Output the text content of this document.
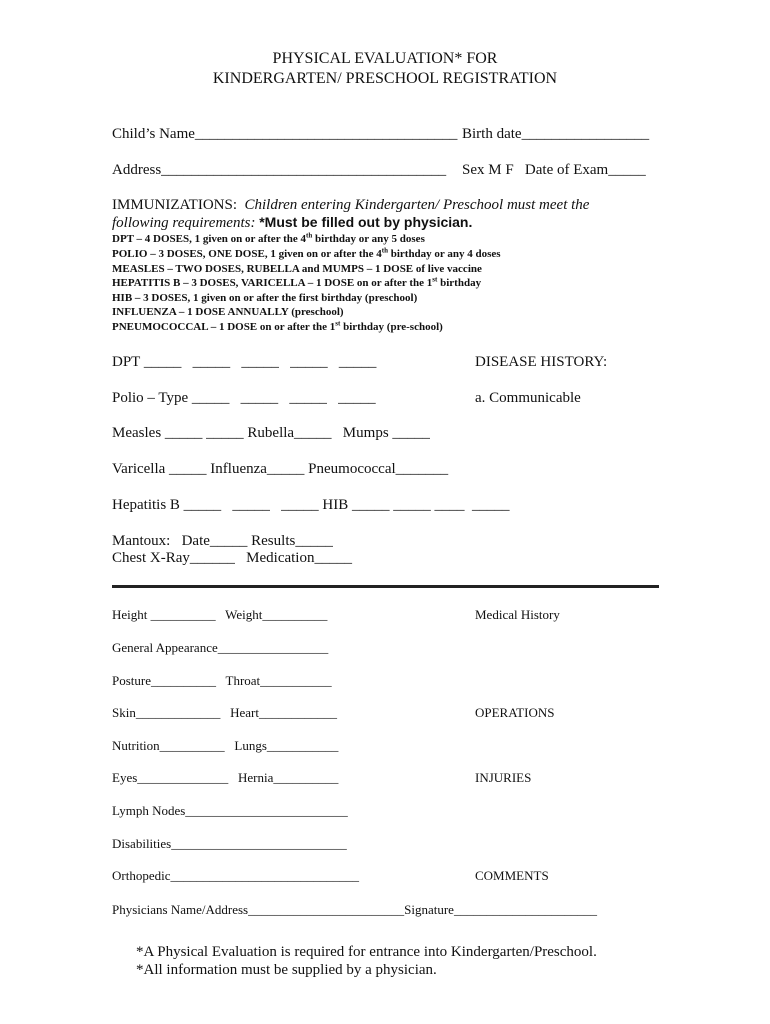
PHYSICAL EVALUATION* FOR
KINDERGARTEN/ PRESCHOOL REGISTRATION
Child’s Name___________________________________ Birth date_________________
Address______________________________________ Sex M F   Date of Exam_____
IMMUNIZATIONS: Children entering Kindergarten/ Preschool must meet the
following requirements: *Must be filled out by physician.
DPT – 4 DOSES, 1 given on or after the 4th birthday or any 5 doses
POLIO – 3 DOSES, ONE DOSE, 1 given on or after the 4th birthday or any 4 doses
MEASLES – TWO DOSES, RUBELLA and MUMPS – 1 DOSE of live vaccine
HEPATITIS B – 3 DOSES, VARICELLA – 1 DOSE on or after the 1st birthday
HIB – 3 DOSES, 1 given on or after the first birthday (preschool)
INFLUENZA – 1 DOSE ANNUALLY (preschool)
PNEUMOCOCCAL – 1 DOSE on or after the 1st birthday (pre-school)
DPT _____   _____   _____   _____   _____	DISEASE HISTORY:
Polio – Type _____   _____   _____   _____	a. Communicable
Measles _____ _____ Rubella_____   Mumps _____
Varicella _____ Influenza_____ Pneumococcal_______
Hepatitis B _____   _____   _____ HIB _____ _____ ____  _____
Mantoux:   Date_____ Results_____
Chest X-Ray______   Medication_____
Height __________   Weight__________	Medical History
General Appearance_________________
Posture__________   Throat___________
Skin_____________   Heart____________	OPERATIONS
Nutrition__________   Lungs___________
Eyes______________   Hernia__________	INJURIES
Lymph Nodes_________________________
Disabilities___________________________
Orthopedic_____________________________	COMMENTS
Physicians Name/Address________________________Signature______________________
*A Physical Evaluation is required for entrance into Kindergarten/Preschool.
*All information must be supplied by a physician.
